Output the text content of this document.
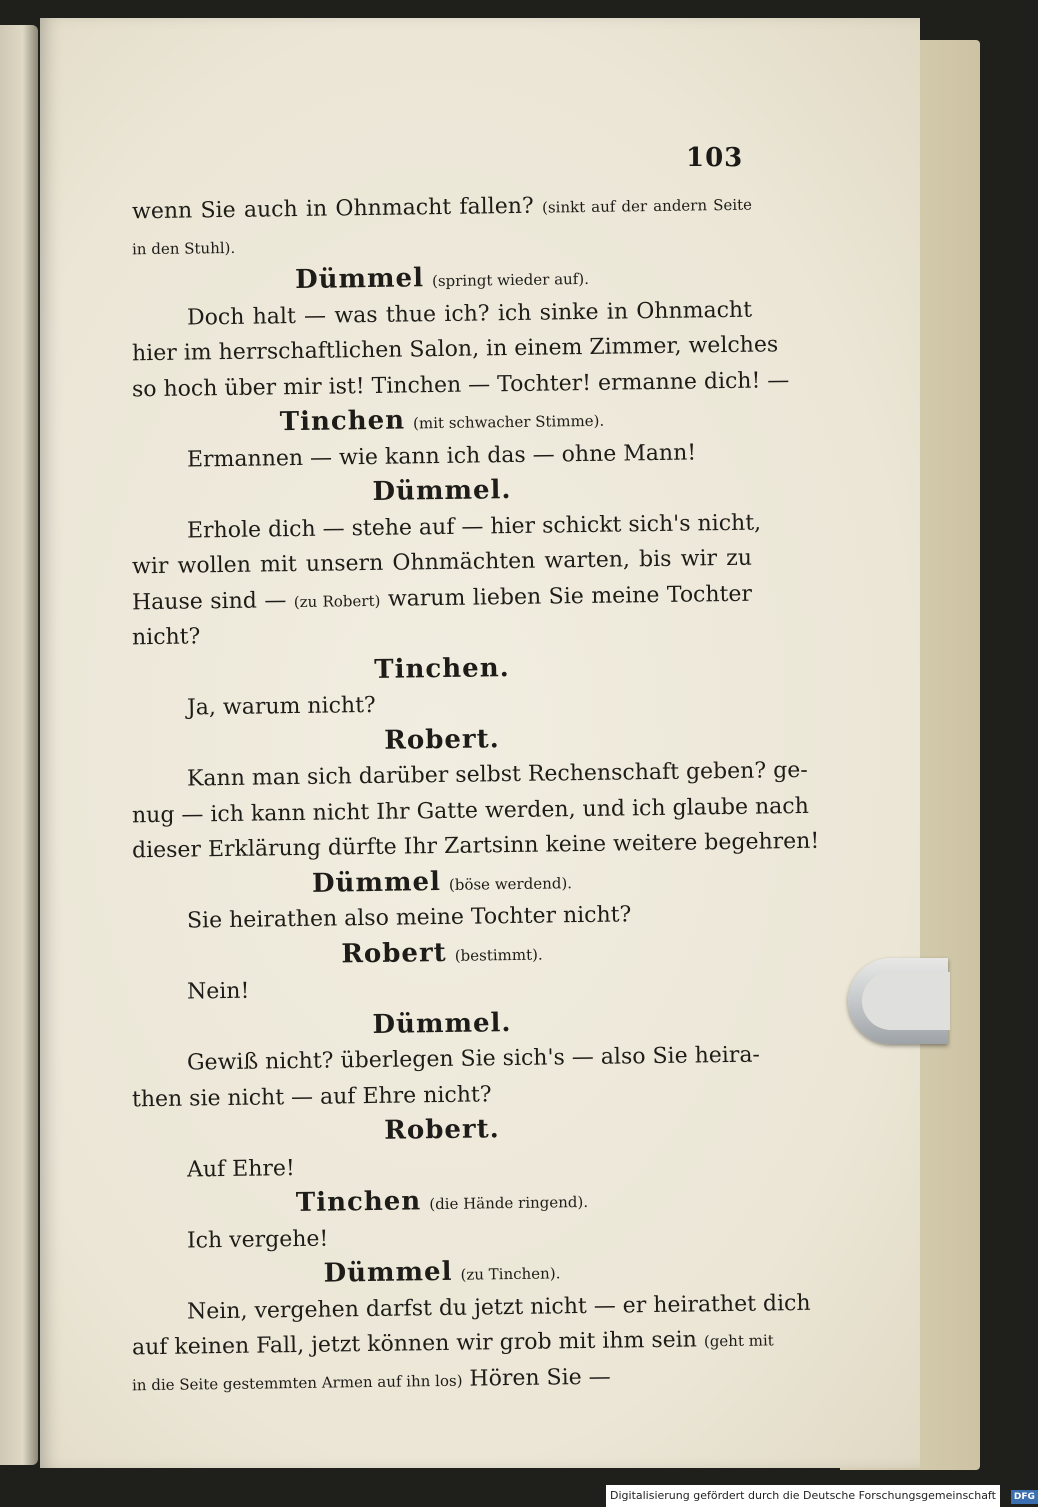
103
wenn Sie auch in Ohnmacht fallen? (sinkt auf der andern Seite
in den Stuhl).
Dümmel (springt wieder auf).
Doch halt — was thue ich? ich sinke in Ohnmacht
hier im herrschaftlichen Salon, in einem Zimmer, welches
so hoch über mir ist! Tinchen — Tochter! ermanne dich! —
Tinchen (mit schwacher Stimme).
Ermannen — wie kann ich das — ohne Mann!
Dümmel.
Erhole dich — stehe auf — hier schickt sich's nicht,
wir wollen mit unsern Ohnmächten warten, bis wir zu
Hause sind — (zu Robert) warum lieben Sie meine Tochter
nicht?
Tinchen.
Ja, warum nicht?
Robert.
Kann man sich darüber selbst Rechenschaft geben? ge-
nug — ich kann nicht Ihr Gatte werden, und ich glaube nach
dieser Erklärung dürfte Ihr Zartsinn keine weitere begehren!
Dümmel (böse werdend).
Sie heirathen also meine Tochter nicht?
Robert (bestimmt).
Nein!
Dümmel.
Gewiß nicht? überlegen Sie sich's — also Sie heira-
then sie nicht — auf Ehre nicht?
Robert.
Auf Ehre!
Tinchen (die Hände ringend).
Ich vergehe!
Dümmel (zu Tinchen).
Nein, vergehen darfst du jetzt nicht — er heirathet dich
auf keinen Fall, jetzt können wir grob mit ihm sein (geht mit
in die Seite gestemmten Armen auf ihn los) Hören Sie —
Digitalisierung gefördert durch die Deutsche Forschungsgemeinschaft - DFG
